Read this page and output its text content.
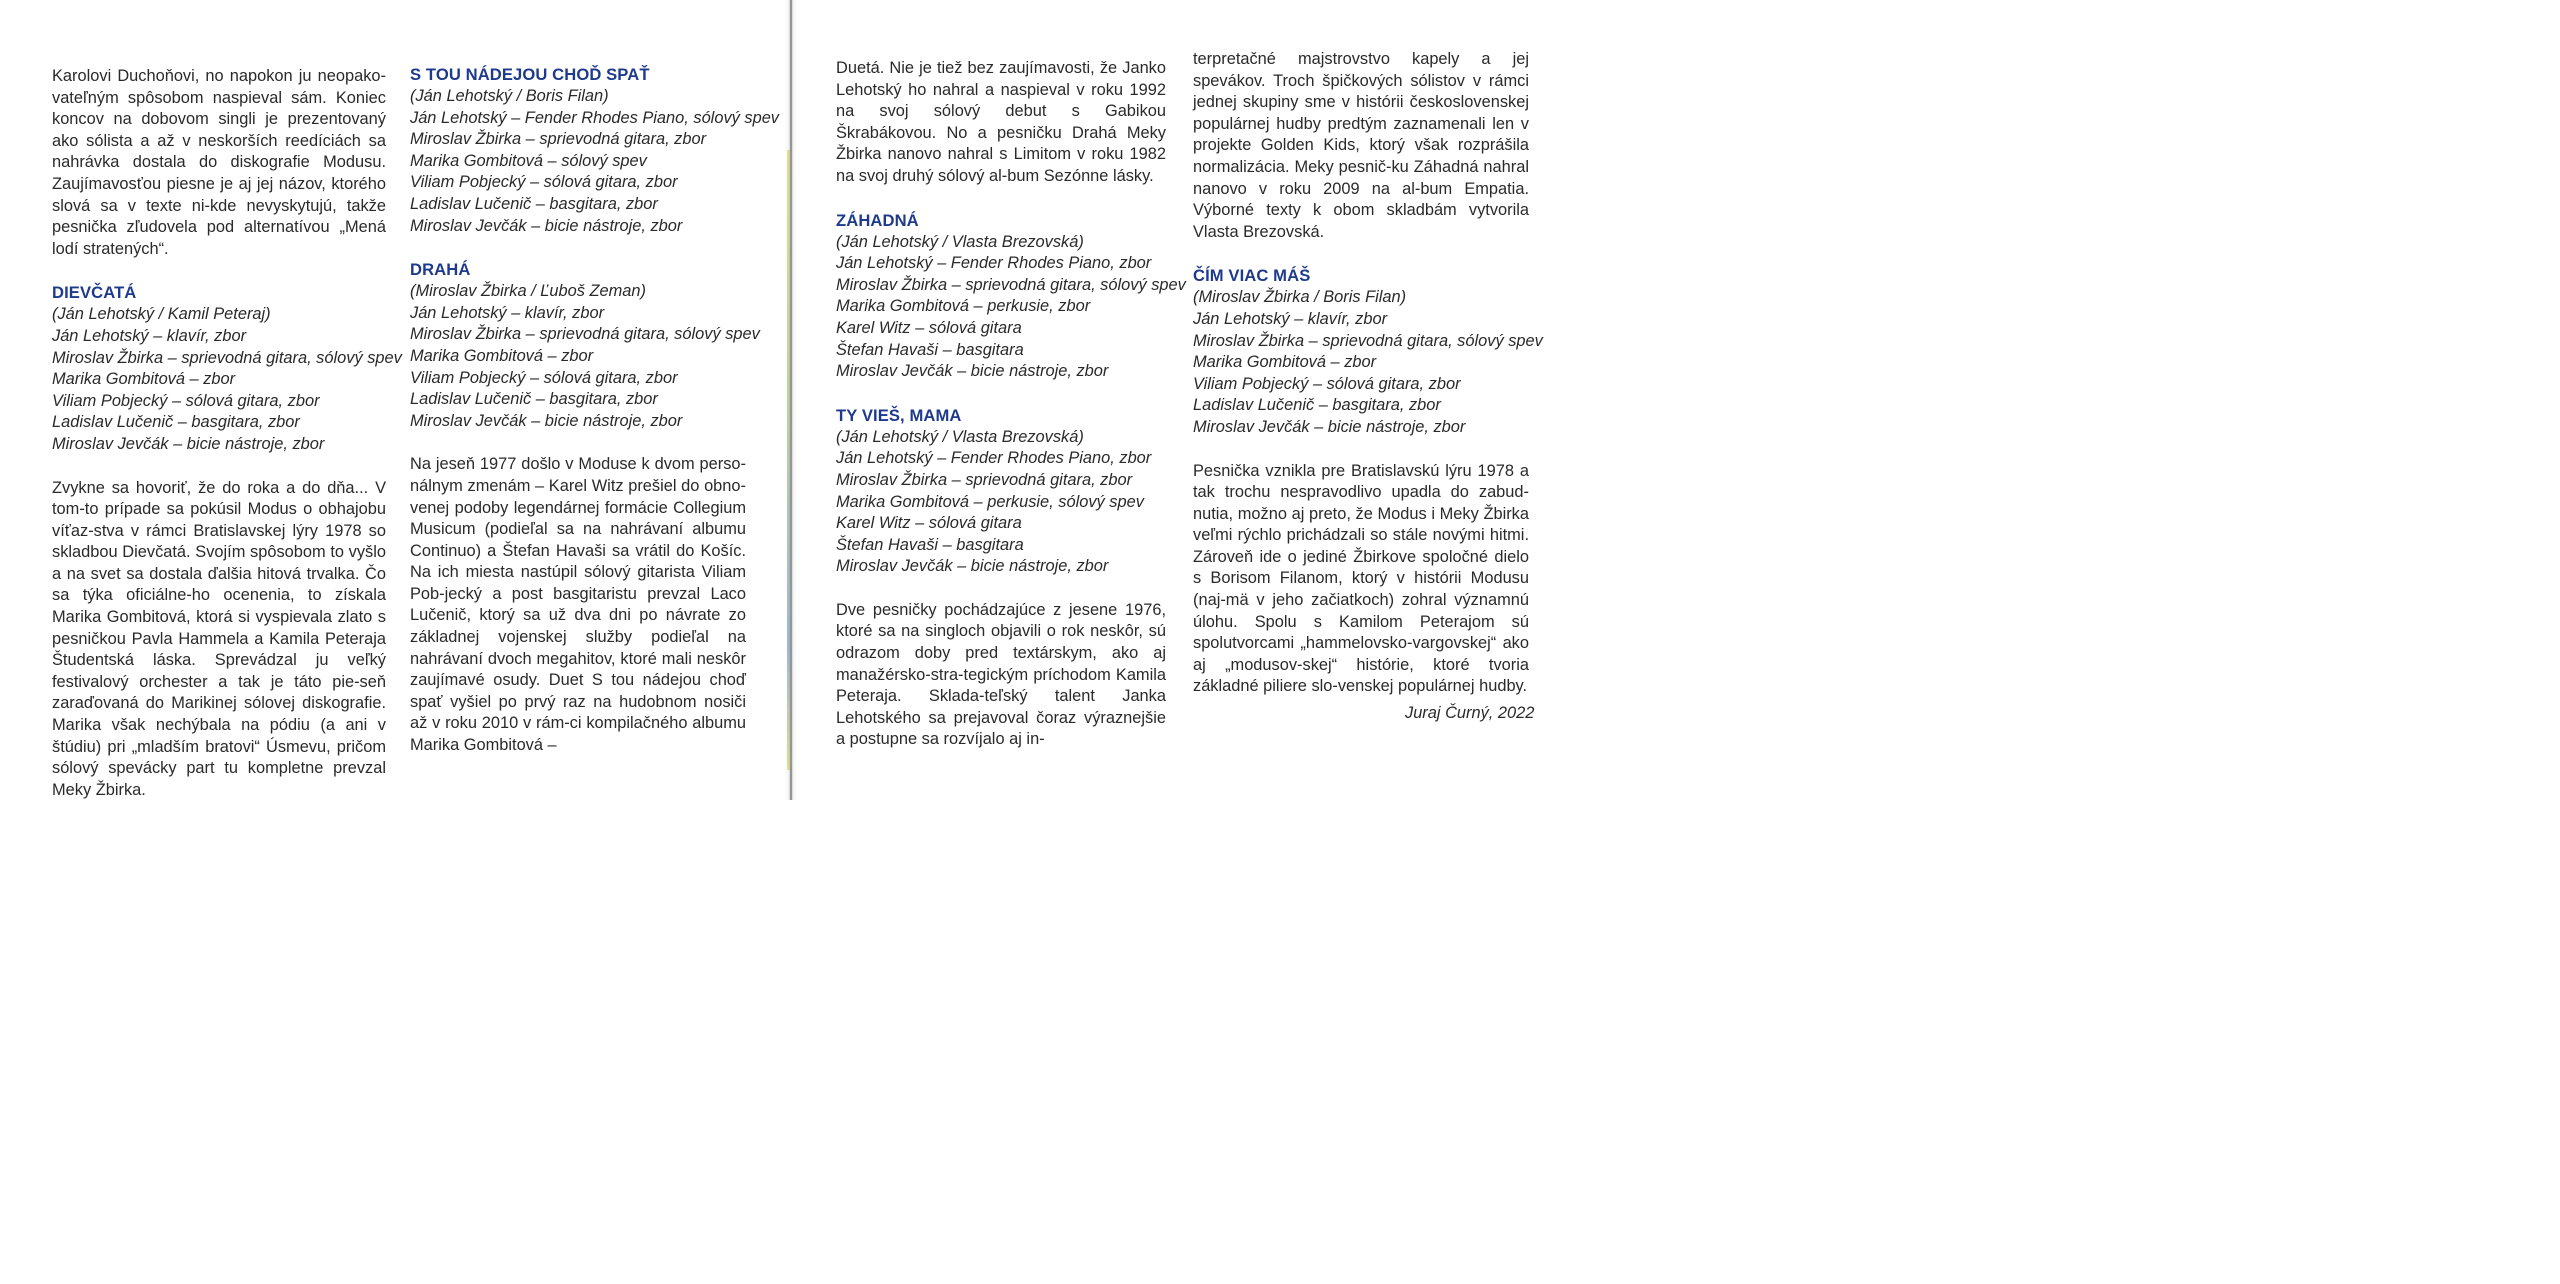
Karolovi Duchoňovi, no napokon ju neopako-vateľným spôsobom naspieval sám. Koniec koncov na dobovom singli je prezentovaný ako sólista a až v neskorších reedíciách sa nahrávka dostala do diskografie Modusu. Zaujímavosťou piesne je aj jej názov, ktorého slová sa v texte ni-kde nevyskytujú, takže pesnička zľudovela pod alternatívou „Mená lodí stratených“.

DIEVČATÁ
(Ján Lehotský / Kamil Peteraj)
Ján Lehotský – klavír, zbor
Miroslav Žbirka – sprievodná gitara, sólový spev
Marika Gombitová – zbor
Viliam Pobjecký – sólová gitara, zbor
Ladislav Lučenič – basgitara, zbor
Miroslav Jevčák – bicie nástroje, zbor

Zvykne sa hovoriť, že do roka a do dňa... V tom-to prípade sa pokúsil Modus o obhajobu víťaz-stva v rámci Bratislavskej lýry 1978 so skladbou Dievčatá. Svojím spôsobom to vyšlo a na svet sa dostala ďalšia hitová trvalka. Čo sa týka oficiálne-ho ocenenia, to získala Marika Gombitová, ktorá si vyspievala zlato s pesničkou Pavla Hammela a Kamila Peteraja Študentská láska. Sprevádzal ju veľký festivalový orchester a tak je táto pie-seň zaraďovaná do Marikinej sólovej diskografie. Marika však nechýbala na pódiu (a ani v štúdiu) pri „mladším bratovi“ Úsmevu, pričom sólový spevácky part tu kompletne prevzal Meky Žbirka.

S TOU NÁDEJOU CHOĎ SPAŤ
(Ján Lehotský / Boris Filan)
Ján Lehotský – Fender Rhodes Piano, sólový spev
Miroslav Žbirka – sprievodná gitara, zbor
Marika Gombitová – sólový spev
Viliam Pobjecký – sólová gitara, zbor
Ladislav Lučenič – basgitara, zbor
Miroslav Jevčák – bicie nástroje, zbor
DRAHÁ
(Miroslav Žbirka / Ľuboš Zeman)
Ján Lehotský – klavír, zbor
Miroslav Žbirka – sprievodná gitara, sólový spev
Marika Gombitová – zbor
Viliam Pobjecký – sólová gitara, zbor
Ladislav Lučenič – basgitara, zbor
Miroslav Jevčák – bicie nástroje, zbor

Na jeseň 1977 došlo v Moduse k dvom perso-nálnym zmenám – Karel Witz prešiel do obno-venej podoby legendárnej formácie Collegium Musicum (podieľal sa na nahrávaní albumu Continuo) a Štefan Havaši sa vrátil do Košíc. Na ich miesta nastúpil sólový gitarista Viliam Pob-jecký a post basgitaristu prevzal Laco Lučenič, ktorý sa už dva dni po návrate zo základnej vojenskej služby podieľal na nahrávaní dvoch megahitov, ktoré mali neskôr zaujímavé osudy. Duet S tou nádejou choď spať vyšiel po prvý raz na hudobnom nosiči až v roku 2010 v rám-ci kompilačného albumu Marika Gombitová –

Duetá. Nie je tiež bez zaujímavosti, že Janko Lehotský ho nahral a naspieval v roku 1992 na svoj sólový debut s Gabikou Škrabákovou. No a pesničku Drahá Meky Žbirka nanovo nahral s Limitom v roku 1982 na svoj druhý sólový al-bum Sezónne lásky.

ZÁHADNÁ
(Ján Lehotský / Vlasta Brezovská)
Ján Lehotský – Fender Rhodes Piano, zbor
Miroslav Žbirka – sprievodná gitara, sólový spev
Marika Gombitová – perkusie, zbor
Karel Witz – sólová gitara
Štefan Havaši – basgitara
Miroslav Jevčák – bicie nástroje, zbor
TY VIEŠ, MAMA
(Ján Lehotský / Vlasta Brezovská)
Ján Lehotský – Fender Rhodes Piano, zbor
Miroslav Žbirka – sprievodná gitara, zbor
Marika Gombitová – perkusie, sólový spev
Karel Witz – sólová gitara
Štefan Havaši – basgitara
Miroslav Jevčák – bicie nástroje, zbor

Dve pesničky pochádzajúce z jesene 1976, ktoré sa na singloch objavili o rok neskôr, sú odrazom doby pred textárskym, ako aj manažérsko-stra-tegickým príchodom Kamila Peteraja. Sklada-teľský talent Janka Lehotského sa prejavoval čoraz výraznejšie a postupne sa rozvíjalo aj in-

terpretačné majstrovstvo kapely a jej spevákov. Troch špičkových sólistov v rámci jednej skupiny sme v histórii československej populárnej hudby predtým zaznamenali len v projekte Golden Kids, ktorý však rozprášila normalizácia. Meky pesnič-ku Záhadná nahral nanovo v roku 2009 na al-bum Empatia. Výborné texty k obom skladbám vytvorila Vlasta Brezovská.

ČÍM VIAC MÁŠ
(Miroslav Žbirka / Boris Filan)
Ján Lehotský – klavír, zbor
Miroslav Žbirka – sprievodná gitara, sólový spev
Marika Gombitová – zbor
Viliam Pobjecký – sólová gitara, zbor
Ladislav Lučenič – basgitara, zbor
Miroslav Jevčák – bicie nástroje, zbor

Pesnička vznikla pre Bratislavskú lýru 1978 a tak trochu nespravodlivo upadla do zabud-nutia, možno aj preto, že Modus i Meky Žbirka veľmi rýchlo prichádzali so stále novými hitmi. Zároveň ide o jediné Žbirkove spoločné dielo s Borisom Filanom, ktorý v histórii Modusu (naj-mä v jeho začiatkoch) zohral významnú úlohu. Spolu s Kamilom Peterajom sú spolutvorcami „hammelovsko-vargovskej“ ako aj „modusov-skej“ histórie, ktoré tvoria základné piliere slo-venskej populárnej hudby.

Juraj Čurný, 2022
